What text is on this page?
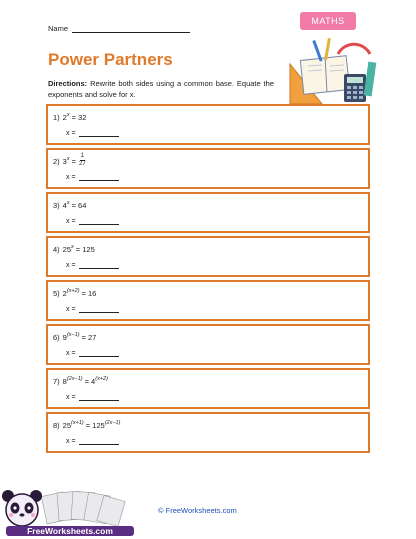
Name
MATHS
Power Partners
Directions: Rewrite both sides using a common base. Equate the exponents and solve for x.
1) $2^x = 32$
x =
2) $3^x = \frac{1}{27}$
x =
3) $4^x = 64$
x =
4) $25^x = 125$
x =
5) $2^{(x+2)} = 16$
x =
6) $9^{(x-1)} = 27$
x =
7) $8^{(2x-1)} = 4^{(x+2)}$
x =
8) $25^{(x+1)} = 125^{(2x-1)}$
x =
FreeWorksheets.com
© FreeWorksheets.com
